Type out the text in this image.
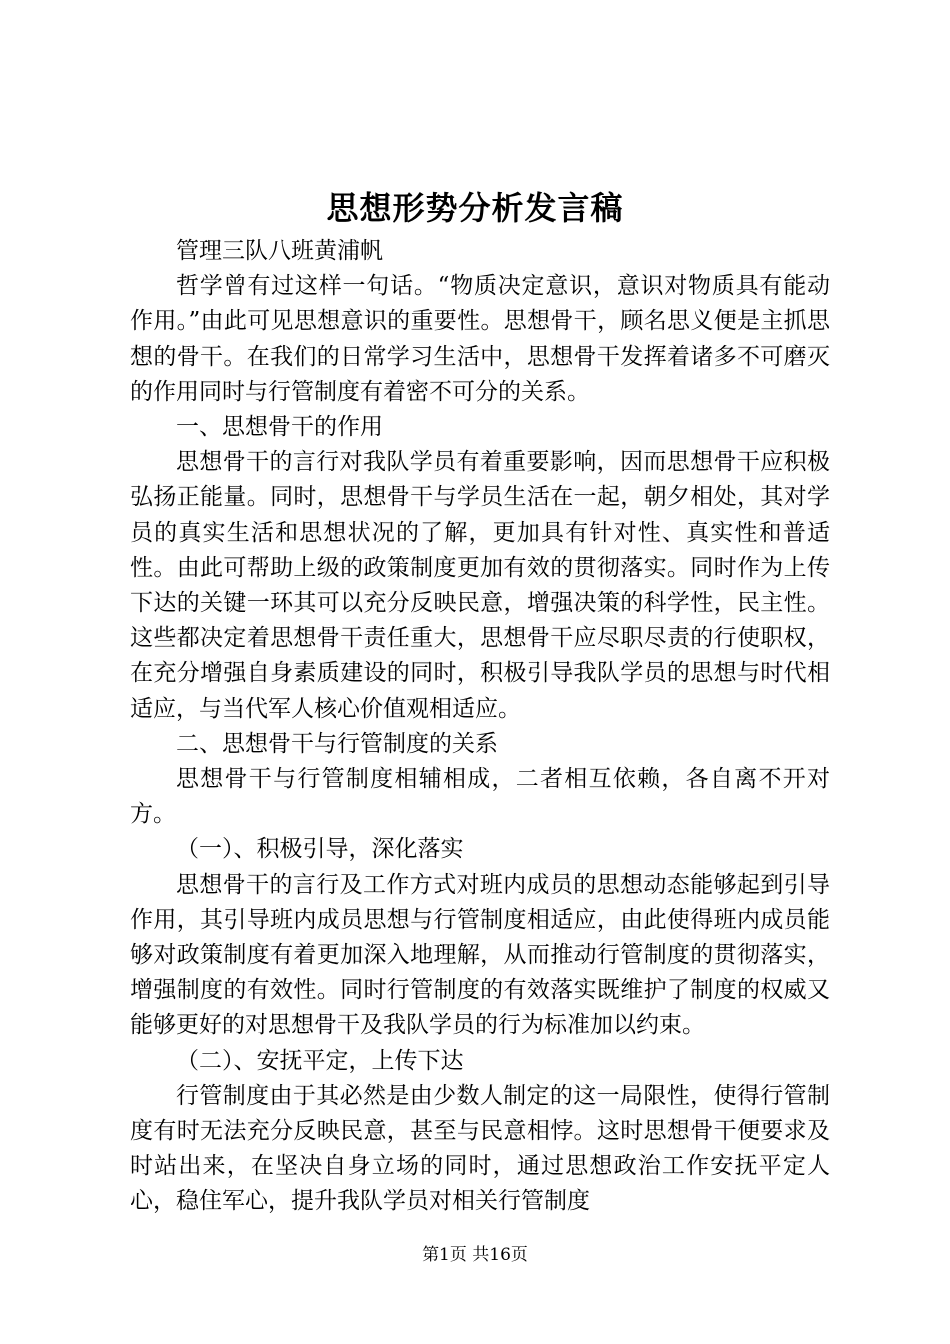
思想形势分析发言稿

管理三队八班黄浦帆

哲学曾有过这样一句话。“物质决定意识，意识对物质具有能动作用。”由此可见思想意识的重要性。思想骨干，顾名思义便是主抓思想的骨干。在我们的日常学习生活中，思想骨干发挥着诸多不可磨灭的作用同时与行管制度有着密不可分的关系。

一、思想骨干的作用

思想骨干的言行对我队学员有着重要影响，因而思想骨干应积极弘扬正能量。同时，思想骨干与学员生活在一起，朝夕相处，其对学员的真实生活和思想状况的了解，更加具有针对性、真实性和普适性。由此可帮助上级的政策制度更加有效的贯彻落实。同时作为上传下达的关键一环其可以充分反映民意，增强决策的科学性，民主性。这些都决定着思想骨干责任重大，思想骨干应尽职尽责的行使职权，在充分增强自身素质建设的同时，积极引导我队学员的思想与时代相适应，与当代军人核心价值观相适应。

二、思想骨干与行管制度的关系

思想骨干与行管制度相辅相成，二者相互依赖，各自离不开对方。

（一）、积极引导，深化落实

思想骨干的言行及工作方式对班内成员的思想动态能够起到引导作用，其引导班内成员思想与行管制度相适应，由此使得班内成员能够对政策制度有着更加深入地理解，从而推动行管制度的贯彻落实，增强制度的有效性。同时行管制度的有效落实既维护了制度的权威又能够更好的对思想骨干及我队学员的行为标准加以约束。

（二）、安抚平定，上传下达

行管制度由于其必然是由少数人制定的这一局限性，使得行管制度有时无法充分反映民意，甚至与民意相悖。这时思想骨干便要求及时站出来，在坚决自身立场的同时，通过思想政治工作安抚平定人心，稳住军心，提升我队学员对相关行管制度

第1页 共16页
